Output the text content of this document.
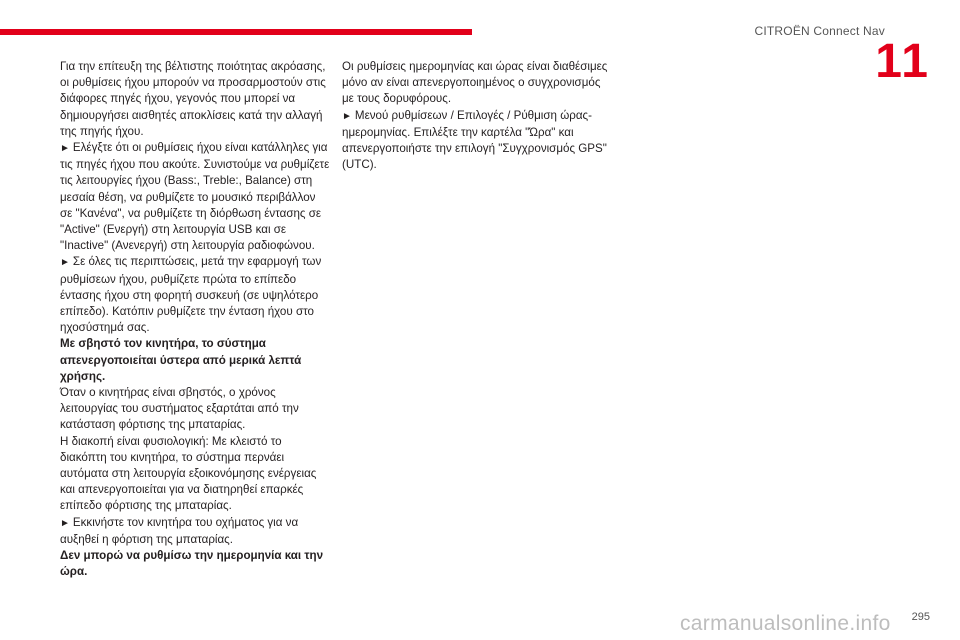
CITROËN Connect Nav
11

Για την επίτευξη της βέλτιστης ποιότητας ακρόασης, οι ρυθμίσεις ήχου μπορούν να προσαρμοστούν στις διάφορες πηγές ήχου, γεγονός που μπορεί να δημιουργήσει αισθητές αποκλίσεις κατά την αλλαγή της πηγής ήχου.

► Ελέγξτε ότι οι ρυθμίσεις ήχου είναι κατάλληλες για τις πηγές ήχου που ακούτε. Συνιστούμε να ρυθμίζετε τις λειτουργίες ήχου (Bass:, Treble:, Balance) στη μεσαία θέση, να ρυθμίζετε το μουσικό περιβάλλον σε "Κανένα", να ρυθμίζετε τη διόρθωση έντασης σε "Active" (Ενεργή) στη λειτουργία USB και σε "Inactive" (Ανενεργή) στη λειτουργία ραδιοφώνου.

► Σε όλες τις περιπτώσεις, μετά την εφαρμογή των ρυθμίσεων ήχου, ρυθμίζετε πρώτα το επίπεδο έντασης ήχου στη φορητή συσκευή (σε υψηλότερο επίπεδο). Κατόπιν ρυθμίζετε την ένταση ήχου στο ηχοσύστημά σας.

Με σβηστό τον κινητήρα, το σύστημα απενεργοποιείται ύστερα από μερικά λεπτά χρήσης.

Όταν ο κινητήρας είναι σβηστός, ο χρόνος λειτουργίας του συστήματος εξαρτάται από την κατάσταση φόρτισης της μπαταρίας.

Η διακοπή είναι φυσιολογική: Με κλειστό το διακόπτη του κινητήρα, το σύστημα περνάει αυτόματα στη λειτουργία εξοικονόμησης ενέργειας και απενεργοποιείται για να διατηρηθεί επαρκές επίπεδο φόρτισης της μπαταρίας.

► Εκκινήστε τον κινητήρα του οχήματος για να αυξηθεί η φόρτιση της μπαταρίας.

Δεν μπορώ να ρυθμίσω την ημερομηνία και την ώρα.

Οι ρυθμίσεις ημερομηνίας και ώρας είναι διαθέσιμες μόνο αν είναι απενεργοποιημένος ο συγχρονισμός με τους δορυφόρους.

► Μενού ρυθμίσεων / Επιλογές / Ρύθμιση ώρας-ημερομηνίας. Επιλέξτε την καρτέλα "Ώρα" και απενεργοποιήστε την επιλογή "Συγχρονισμός GPS" (UTC).

carmanualsonline.info 295
